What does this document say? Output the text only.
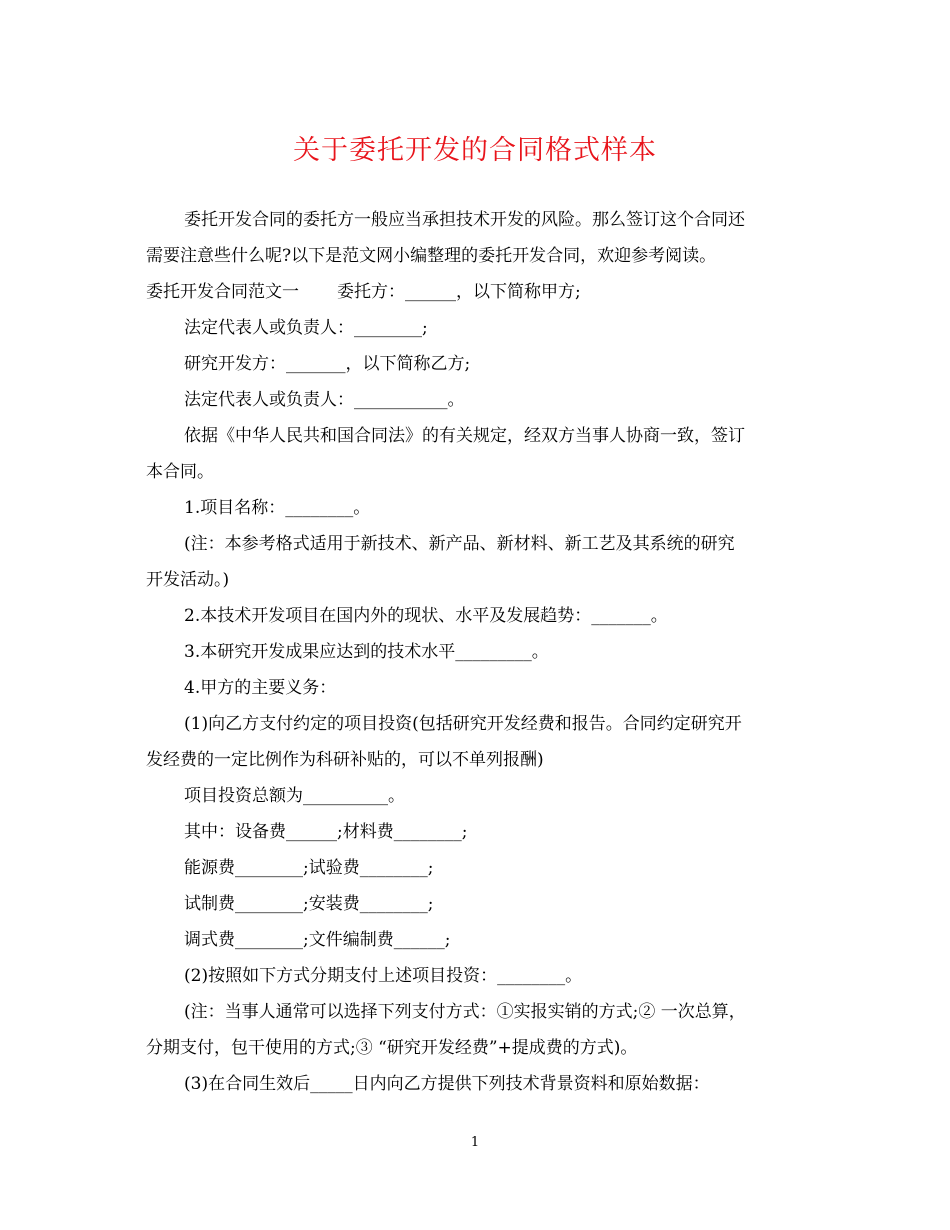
关于委托开发的合同格式样本

委托开发合同的委托方一般应当承担技术开发的风险。那么签订这个合同还

需要注意些什么呢?以下是范文网小编整理的委托开发合同，欢迎参考阅读。

委托开发合同范文一 委托方：______，以下简称甲方;

法定代表人或负责人：________;

研究开发方：_______，以下简称乙方;

法定代表人或负责人：___________。

依据《中华人民共和国合同法》的有关规定，经双方当事人协商一致，签订

本合同。

1.项目名称：________。

(注：本参考格式适用于新技术、新产品、新材料、新工艺及其系统的研究

开发活动。)

2.本技术开发项目在国内外的现状、水平及发展趋势：_______。

3.本研究开发成果应达到的技术水平_________。

4.甲方的主要义务：

(1)向乙方支付约定的项目投资(包括研究开发经费和报告。合同约定研究开

发经费的一定比例作为科研补贴的，可以不单列报酬)

项目投资总额为__________。

其中：设备费______;材料费________;

能源费________;试验费________;

试制费________;安装费________;

调式费________;文件编制费______;

(2)按照如下方式分期支付上述项目投资：________。

(注：当事人通常可以选择下列支付方式：①实报实销的方式;② 一次总算，

分期支付，包干使用的方式;③ “研究开发经费”+提成费的方式)。

(3)在合同生效后_____日内向乙方提供下列技术背景资料和原始数据：

1
